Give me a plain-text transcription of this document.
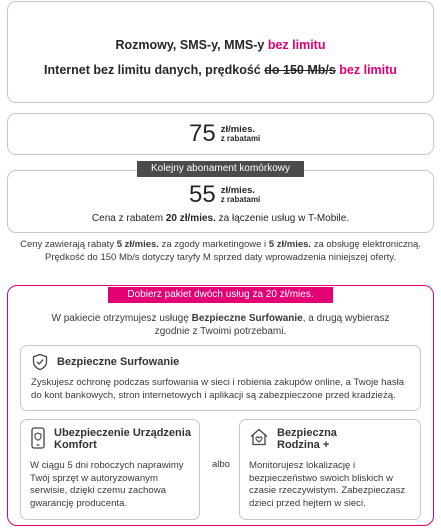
Rozmowy, SMS-y, MMS-y bez limitu
Internet bez limitu danych, prędkość do 150 Mb/s bez limitu
75 zł/mies.
z rabatami
55 zł/mies.
z rabatami
Cena z rabatem 20 zł/mies. za łączenie usług w T-Mobile.
Kolejny abonament komórkowy
Ceny zawierają rabaty 5 zł/mies. za zgody marketingowe i 5 zł/mies. za obsługę elektroniczną.
Prędkość do 150 Mb/s dotyczy taryfy M sprzed daty wprowadzenia niniejszej oferty.
Dobierz pakiet dwóch usług za 20 zł/mies.
W pakiecie otrzymujesz usługę Bezpieczne Surfowanie, a drugą wybierasz zgodnie z Twoimi potrzebami.
Bezpieczne Surfowanie
Zyskujesz ochronę podczas surfowania w sieci i robienia zakupów online, a Twoje hasła do kont bankowych, stron internetowych i aplikacji są zabezpieczone przed kradzieżą.
Ubezpieczenie Urządzenia
Komfort
W ciągu 5 dni roboczych naprawimy Twój sprzęt w autoryzowanym serwisie, dzięki czemu zachowa gwarancję producenta.
albo
Bezpieczna
Rodzina +
Monitorujesz lokalizację i bezpieczeństwo swoich bliskich w czasie rzeczywistym. Zabezpieczasz dzieci przed hejtem w sieci.
